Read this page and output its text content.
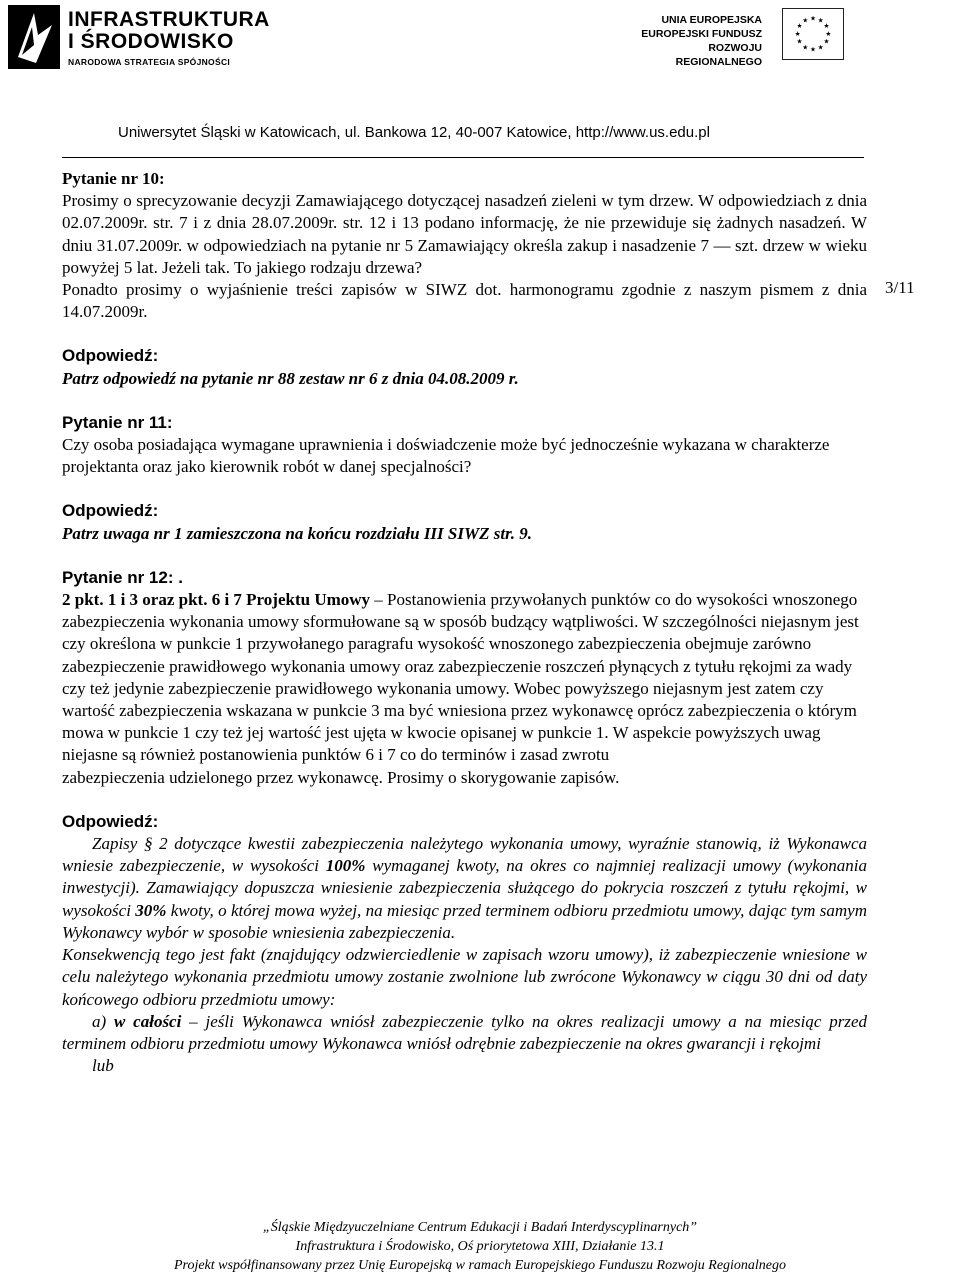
INFRASTRUKTURA
I ŚRODOWISKO
NARODOWA STRATEGIA SPÓJNOŚCI
UNIA EUROPEJSKA
EUROPEJSKI FUNDUSZ
ROZWOJU REGIONALNEGO
★ ★
★
★
★
★
★
★
★
★
★
★
Uniwersytet Śląski w Katowicach, ul. Bankowa 12, 40-007 Katowice, http://www.us.edu.pl
3/11

Pytanie nr 10:

Prosimy o sprecyzowanie decyzji Zamawiającego dotyczącej nasadzeń zieleni w tym drzew. W odpowiedziach z dnia 02.07.2009r. str. 7 i z dnia 28.07.2009r. str. 12 i 13 podano informację, że nie przewiduje się żadnych nasadzeń. W dniu 31.07.2009r. w odpowiedziach na pytanie nr 5 Zamawiający określa zakup i nasadzenie 7 — szt. drzew w wieku powyżej 5 lat. Jeżeli tak. To jakiego rodzaju drzewa?

Ponadto prosimy o wyjaśnienie treści zapisów w SIWZ dot. harmonogramu zgodnie z naszym pismem z dnia 14.07.2009r.

Odpowiedź:

Patrz odpowiedź na pytanie nr 88 zestaw nr 6 z dnia 04.08.2009 r.

Pytanie nr 11:

Czy osoba posiadająca wymagane uprawnienia i doświadczenie może być jednocześnie wykazana w charakterze projektanta oraz jako kierownik robót w danej specjalności?

Odpowiedź:

Patrz uwaga nr 1 zamieszczona na końcu rozdziału III SIWZ str. 9.

Pytanie nr 12: .

2 pkt. 1 i 3 oraz pkt. 6 i 7 Projektu Umowy – Postanowienia przywołanych punktów co do wysokości wnoszonego zabezpieczenia wykonania umowy sformułowane są w sposób budzący wątpliwości. W szczególności niejasnym jest czy określona w punkcie 1 przywołanego paragrafu wysokość wnoszonego zabezpieczenia obejmuje zarówno zabezpieczenie prawidłowego wykonania umowy oraz zabezpieczenie roszczeń płynących z tytułu rękojmi za wady czy też jedynie zabezpieczenie prawidłowego wykonania umowy. Wobec powyższego niejasnym jest zatem czy wartość zabezpieczenia wskazana w punkcie 3 ma być wniesiona przez wykonawcę oprócz zabezpieczenia o którym mowa w punkcie 1 czy też jej wartość jest ujęta w kwocie opisanej w punkcie 1. W aspekcie powyższych uwag niejasne są również postanowienia punktów 6 i 7 co do terminów i zasad zwrotu

zabezpieczenia udzielonego przez wykonawcę. Prosimy o skorygowanie zapisów.

Odpowiedź:

Zapisy § 2 dotyczące kwestii zabezpieczenia należytego wykonania umowy, wyraźnie stanowią, iż Wykonawca wniesie zabezpieczenie, w wysokości 100% wymaganej kwoty, na okres co najmniej realizacji umowy (wykonania inwestycji). Zamawiający dopuszcza wniesienie zabezpieczenia służącego do pokrycia roszczeń z tytułu rękojmi, w wysokości 30% kwoty, o której mowa wyżej, na miesiąc przed terminem odbioru przedmiotu umowy, dając tym samym Wykonawcy wybór w sposobie wniesienia zabezpieczenia.

Konsekwencją tego jest fakt (znajdujący odzwierciedlenie w zapisach wzoru umowy), iż zabezpieczenie wniesione w celu należytego wykonania przedmiotu umowy zostanie zwolnione lub zwrócone Wykonawcy w ciągu 30 dni od daty końcowego odbioru przedmiotu umowy:

a) w całości – jeśli Wykonawca wniósł zabezpieczenie tylko na okres realizacji umowy a na miesiąc przed terminem odbioru przedmiotu umowy Wykonawca wniósł odrębnie zabezpieczenie na okres gwarancji i rękojmi

lub

„Śląskie Międzyuczelniane Centrum Edukacji i Badań Interdyscyplinarnych”
Infrastruktura i Środowisko, Oś priorytetowa XIII, Działanie 13.1
Projekt współfinansowany przez Unię Europejską w ramach Europejskiego Funduszu Rozwoju Regionalnego
